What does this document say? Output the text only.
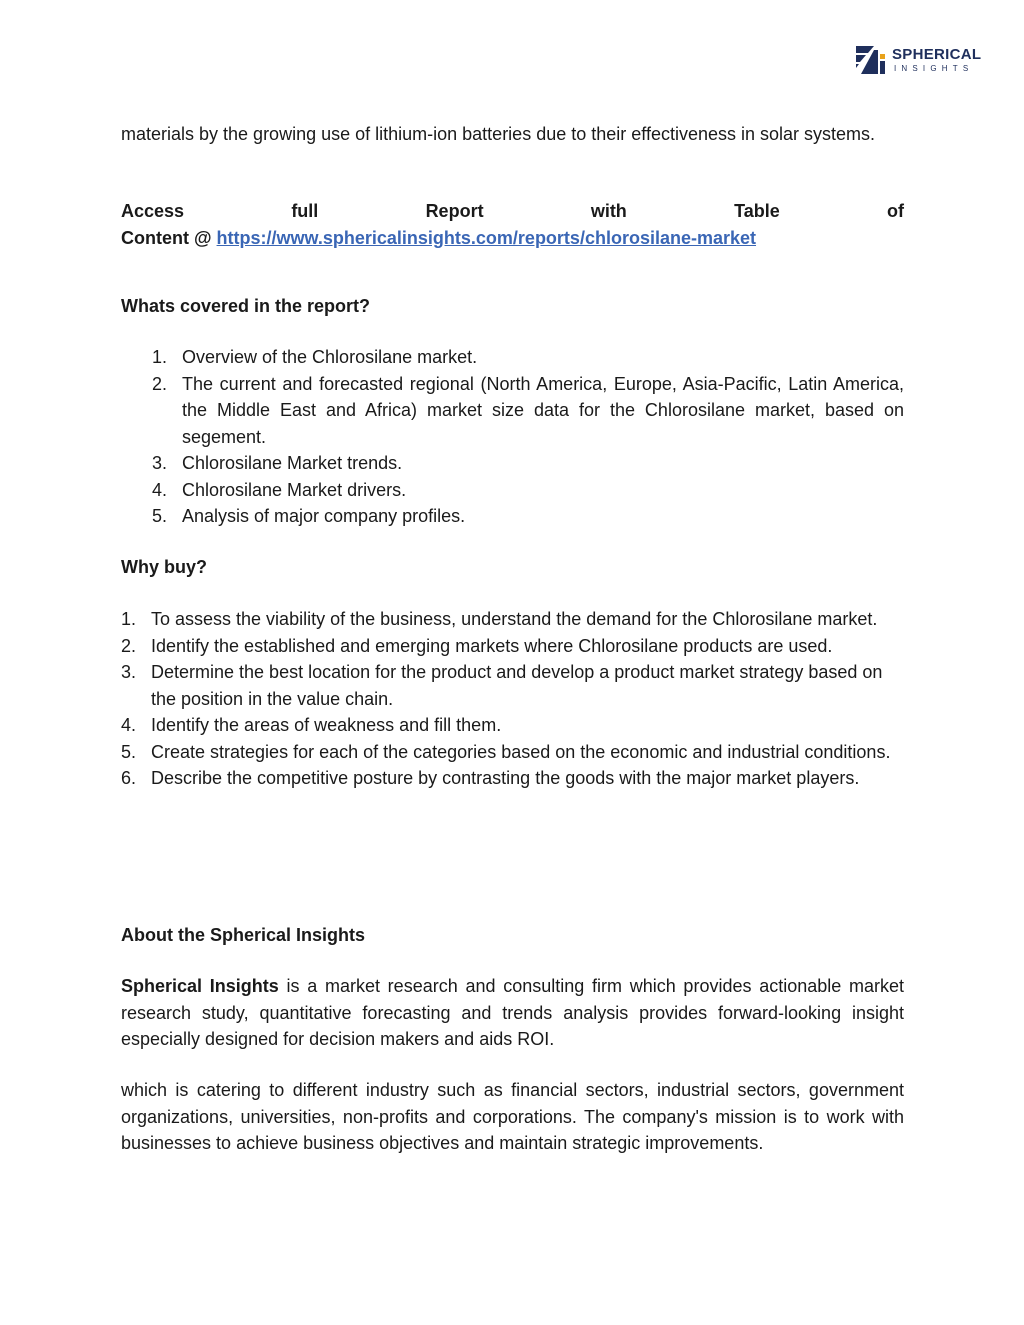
SPHERICAL
INSIGHTS

materials by the growing use of lithium-ion batteries due to their effectiveness in solar systems.

Access	full	Report	with	Table	of
Content @ https://www.sphericalinsights.com/reports/chlorosilane-market
Whats covered in the report?
1. Overview of the Chlorosilane market.
2. The current and forecasted regional (North America, Europe, Asia-Pacific, Latin America, the Middle East and Africa) market size data for the Chlorosilane market, based on segement.
3. Chlorosilane Market trends.
4. Chlorosilane Market drivers.
5. Analysis of major company profiles.
Why buy?
1. To assess the viability of the business, understand the demand for the Chlorosilane market.
2. Identify the established and emerging markets where Chlorosilane products are used.
3. Determine the best location for the product and develop a product market strategy based on the position in the value chain.
4. Identify the areas of weakness and fill them.
5. Create strategies for each of the categories based on the economic and industrial conditions.
6. Describe the competitive posture by contrasting the goods with the major market players.
About the Spherical Insights

Spherical Insights is a market research and consulting firm which provides actionable market research study, quantitative forecasting and trends analysis provides forward-looking insight especially designed for decision makers and aids ROI.

which is catering to different industry such as financial sectors, industrial sectors, government organizations, universities, non-profits and corporations. The company's mission is to work with businesses to achieve business objectives and maintain strategic improvements.
